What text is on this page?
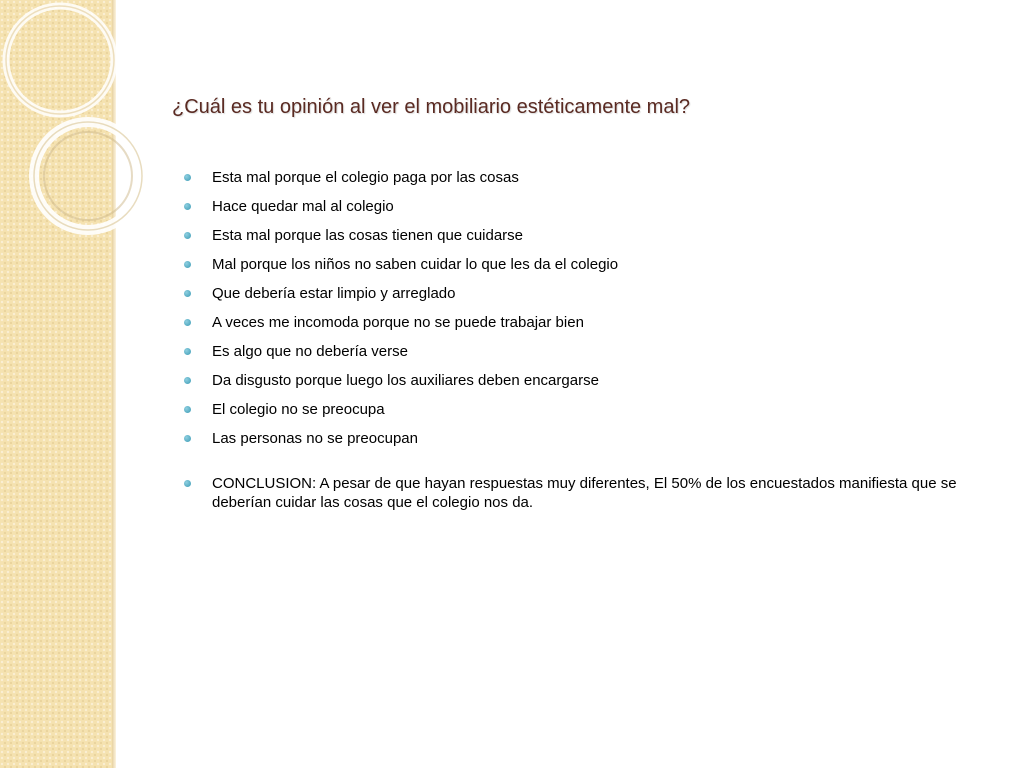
¿Cuál es tu opinión al ver el mobiliario estéticamente mal?
Esta mal porque el colegio paga por las cosas
Hace quedar mal al colegio
Esta mal porque las cosas tienen que cuidarse
Mal porque los niños no saben cuidar lo que les da el colegio
Que debería estar limpio y arreglado
A veces me incomoda porque no se puede trabajar bien
Es algo que no debería verse
Da disgusto porque luego los auxiliares deben encargarse
El colegio no se preocupa
Las personas no se preocupan
CONCLUSION: A pesar de que hayan respuestas muy diferentes, El 50% de los encuestados manifiesta que se deberían cuidar las cosas que el colegio nos da.
